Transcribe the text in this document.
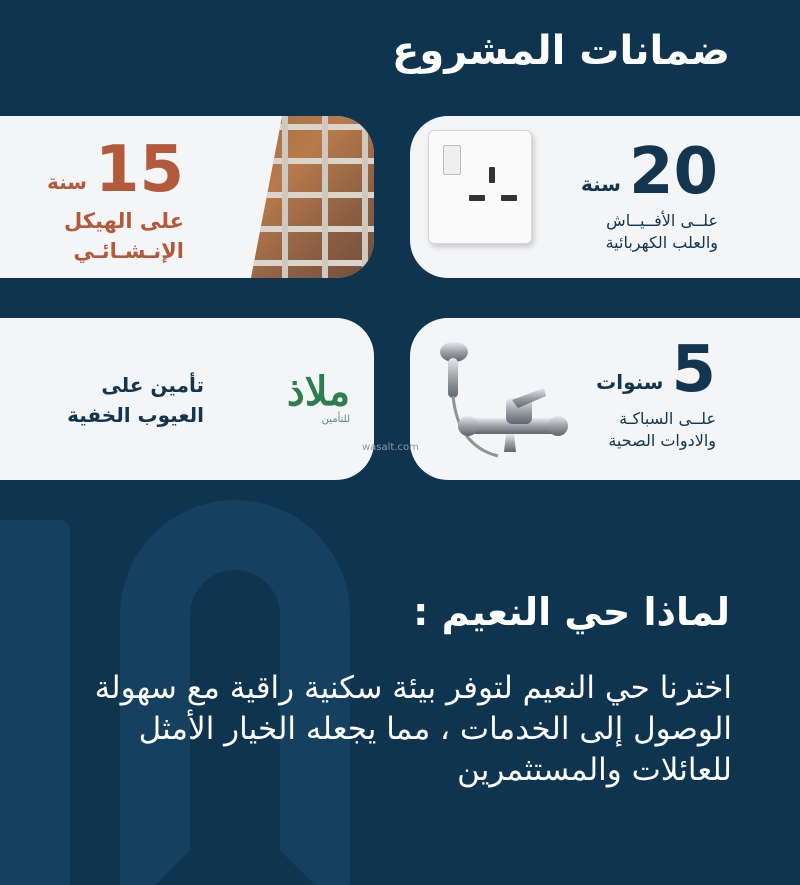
ضمانات المشروع
20
سنة
علــى الأفــيــاش
والعلب الكهربائية
15
سنة
على الهيكل
الإنـشـائـي
5
سنوات
علــى السباكـة
والادوات الصحية
تأمين على
العيوب الخفية	ملاذ
للتأمين
wasalt.com
لماذا حي النعيم :

اخترنا حي النعيم لتوفر بيئة سكنية راقية مع سهولة الوصول إلى الخدمات ، مما يجعله الخيار الأمثل للعائلات والمستثمرين
